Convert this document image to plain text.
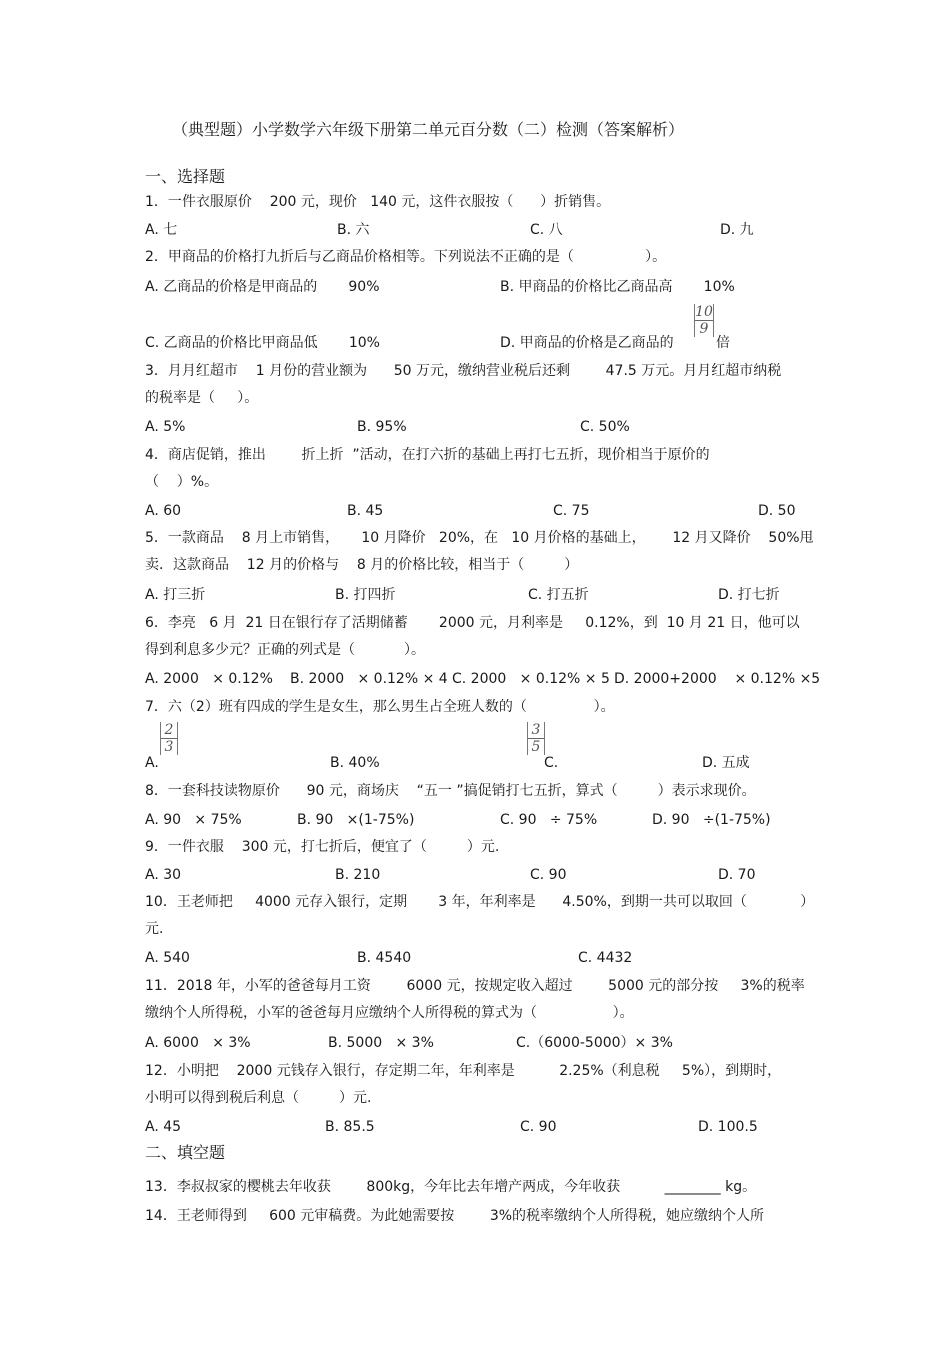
（典型题）小学数学六年级下册第二单元百分数（二）检测（答案解析）
一、选择题
1．一件衣服原价    200 元，现价   140 元，这件衣服按（      ）折销售。
A. 七	B. 六	C. 八	D. 九
2．甲商品的价格打九折后与乙商品价格相等。下列说法不正确的是（                ）。
A. 乙商品的价格是甲商品的       90%	B. 甲商品的价格比乙商品高       10%
C. 乙商品的价格比甲商品低       10%	D. 甲商品的价格是乙商品的
$\frac{10}{9}$
倍
3．月月红超市    1 月份的营业额为      50 万元，缴纳营业税后还剩        47.5 万元。月月红超市纳税
的税率是（     ）。
A. 5%	B. 95%	C. 50%
4．商店促销，推出        折上折  ”活动，在打六折的基础上再打七五折，现价相当于原价的
（    ）%。
A. 60	B. 45	C. 75	D. 50
5．一款商品    8 月上市销售，     10 月降价   20%，在   10 月价格的基础上，      12 月又降价    50%甩
卖．这款商品    12 月的价格与    8 月的价格比较，相当于（         ）
A. 打三折	B. 打四折	C. 打五折	D. 打七折
6．李亮   6 月  21 日在银行存了活期储蓄       2000 元，月利率是     0.12%，到  10 月 21 日，他可以
得到利息多少元？正确的列式是（           ）。
A. 2000   × 0.12% B. 2000   × 0.12% × 4 C. 2000   × 0.12% × 5 D. 2000+2000    × 0.12% ×5
7．六（2）班有四成的学生是女生，那么男生占全班人数的（               ）。
A.
$\frac{2}{3}$
B. 40%
$\frac{3}{5}$
C.	D. 五成
8．一套科技读物原价      90 元，商场庆    “五一 ”搞促销打七五折，算式（         ）表示求现价。
A. 90   × 75%	B. 90   ×(1-75%)	C. 90   ÷ 75%	D. 90   ÷(1-75%)
9．一件衣服    300 元，打七折后，便宜了（         ）元.
A. 30	B. 210	C. 90	D. 70
10．王老师把     4000 元存入银行，定期       3 年，年利率是      4.50%，到期一共可以取回（            ）
元.
A. 540	B. 4540	C. 4432
11．2018 年，小军的爸爸每月工资        6000 元，按规定收入超过        5000 元的部分按     3%的税率
缴纳个人所得税，小军的爸爸每月应缴纳个人所得税的算式为（                 ）。
A. 6000   × 3%	B. 5000   × 3%	C.（6000-5000）× 3%
12．小明把    2000 元钱存入银行，存定期二年，年利率是          2.25%（利息税     5%），到期时，
小明可以得到税后利息（         ）元.
A. 45	B. 85.5	C. 90	D. 100.5
二、填空题
13．李叔叔家的樱桃去年收获        800kg，今年比去年增产两成，今年收获          ________ kg。
14．王老师得到     600 元审稿费。为此她需要按        3%的税率缴纳个人所得税，她应缴纳个人所
